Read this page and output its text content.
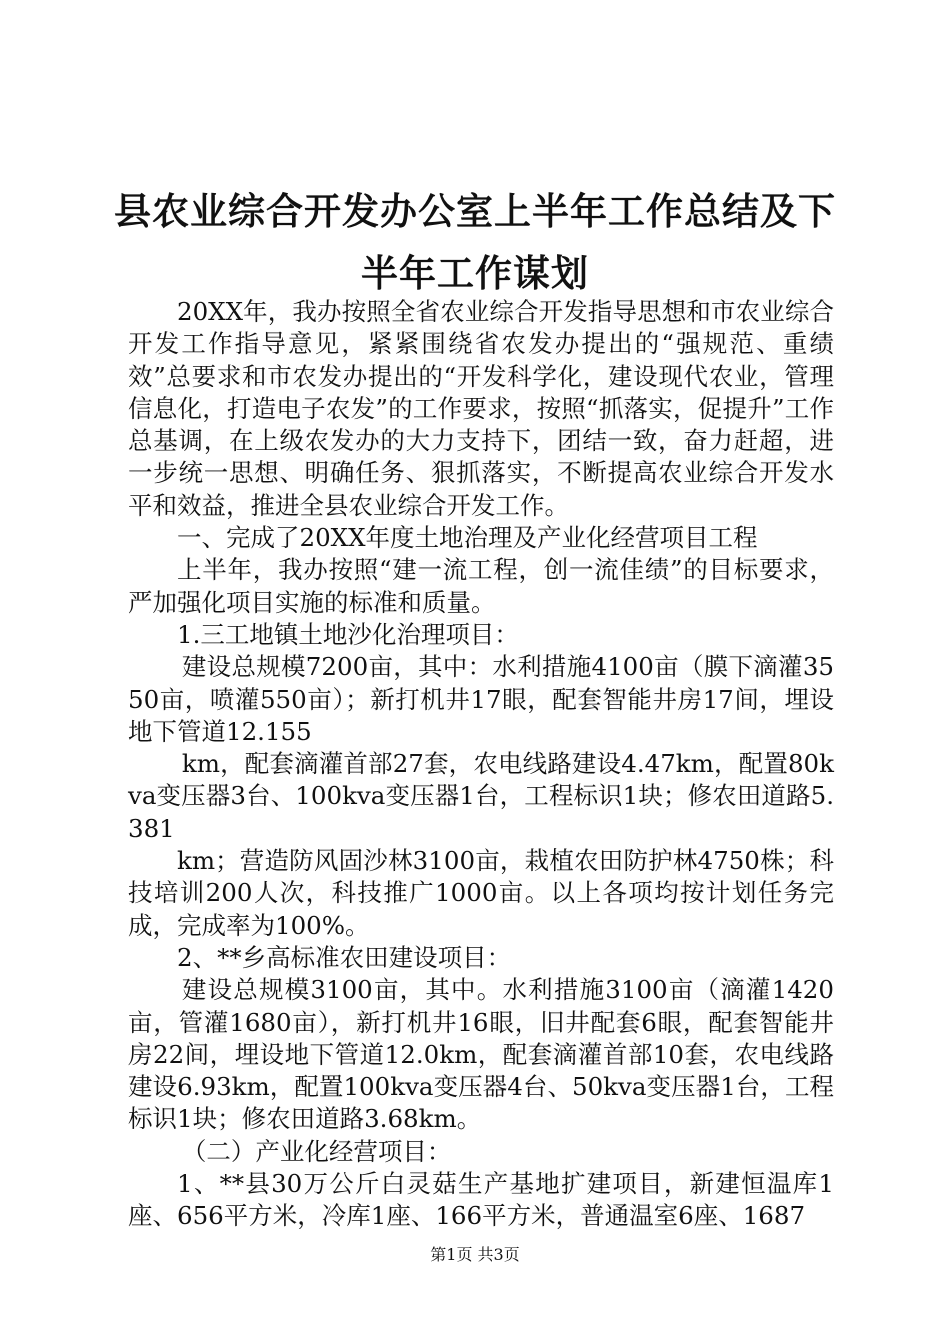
县农业综合开发办公室上半年工作总结及下半年工作谋划

20XX年，我办按照全省农业综合开发指导思想和市农业综合开发工作指导意见，紧紧围绕省农发办提出的“强规范、重绩效”总要求和市农发办提出的“开发科学化，建设现代农业，管理信息化，打造电子农发”的工作要求，按照“抓落实，促提升”工作总基调，在上级农发办的大力支持下，团结一致，奋力赶超，进一步统一思想、明确任务、狠抓落实，不断提高农业综合开发水平和效益，推进全县农业综合开发工作。

一、完成了20XX年度土地治理及产业化经营项目工程

上半年，我办按照“建一流工程，创一流佳绩”的目标要求，严加强化项目实施的标准和质量。

1.三工地镇土地沙化治理项目：

建设总规模7200亩，其中：水利措施4100亩（膜下滴灌3550亩，喷灌550亩）；新打机井17眼，配套智能井房17间，埋设地下管道12.155

km，配套滴灌首部27套，农电线路建设4.47km，配置80kva变压器3台、100kva变压器1台，工程标识1块；修农田道路5.381

km；营造防风固沙林3100亩，栽植农田防护林4750株；科技培训200人次，科技推广1000亩。以上各项均按计划任务完成，完成率为100%。

2、**乡高标准农田建设项目：

建设总规模3100亩，其中。水利措施3100亩（滴灌1420亩，管灌1680亩），新打机井16眼，旧井配套6眼，配套智能井房22间，埋设地下管道12.0km，配套滴灌首部10套，农电线路建设6.93km，配置100kva变压器4台、50kva变压器1台，工程标识1块；修农田道路3.68km。

（二）产业化经营项目：

1、**县30万公斤白灵菇生产基地扩建项目，新建恒温库1座、656平方米，冷库1座、166平方米，普通温室6座、1687

第1页 共3页
